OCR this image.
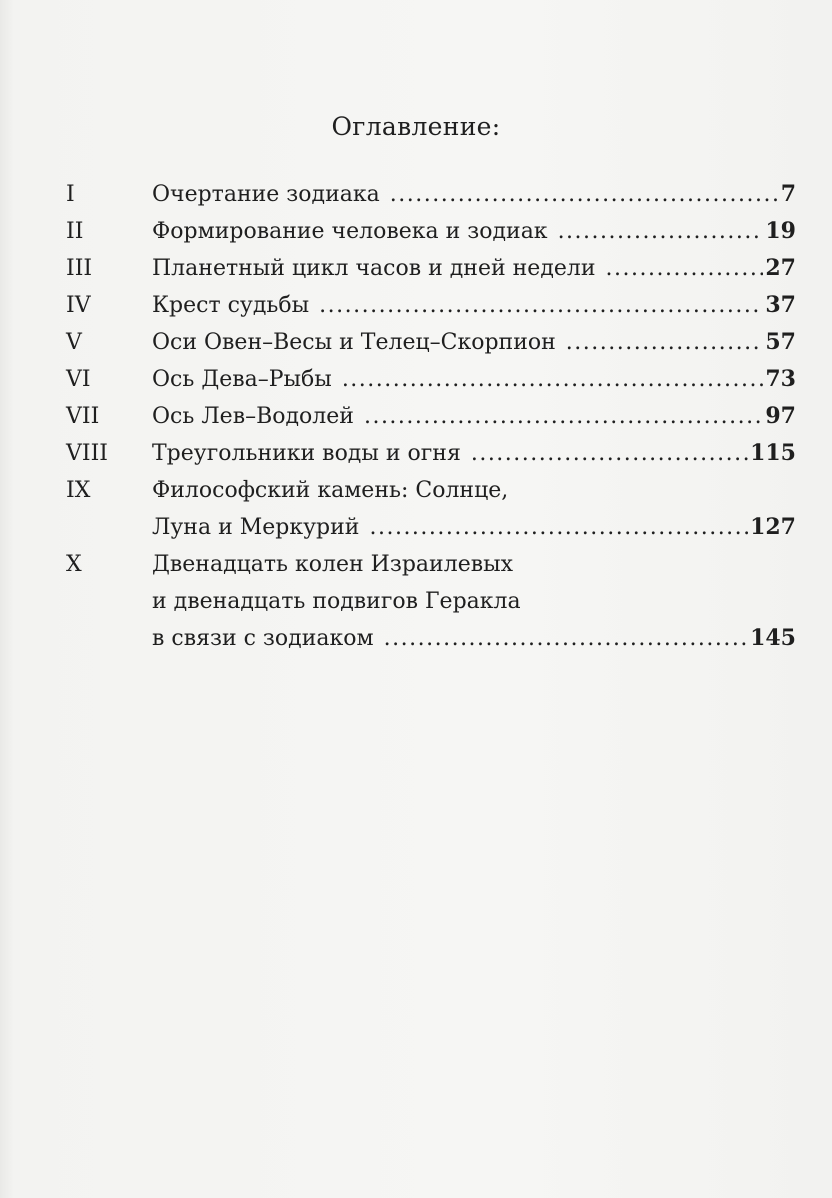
Оглавление:
I	Очертание зодиака .....	7
II	Формирование человека и зодиак .....	19
III	Планетный цикл часов и дней недели .....	27
IV	Крест судьбы .....	37
V	Оси Овен–Весы и Телец–Скорпион .....	57
VI	Ось Дева–Рыбы .....	73
VII	Ось Лев–Водолей .....	97
VIII	Треугольники воды и огня .....	115
IX	Философский камень: Солнце,
Луна и Меркурий .....	127
X	Двенадцать колен Израилевых
и двенадцать подвигов Геракла
в связи с зодиаком .....	145
